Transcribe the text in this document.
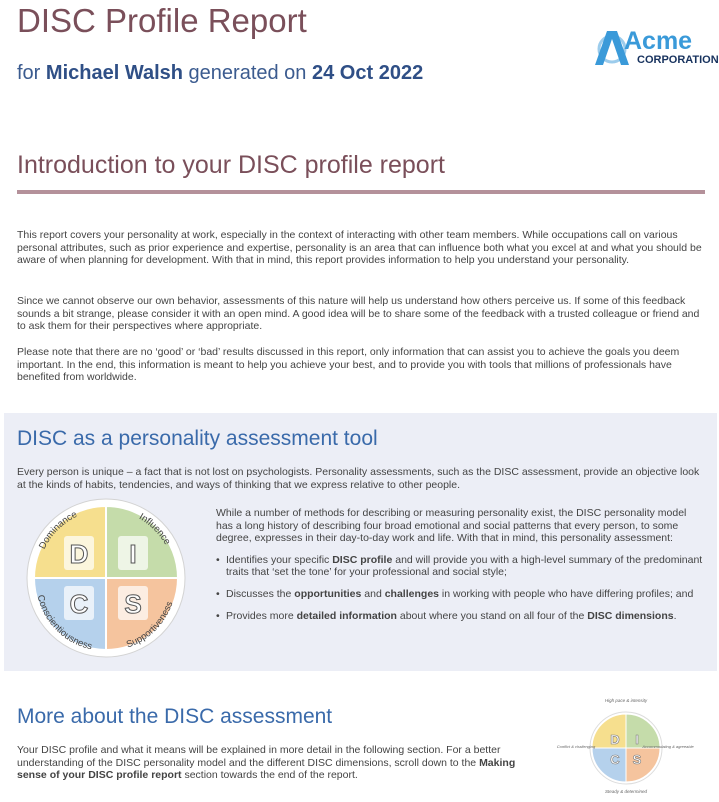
DISC Profile Report

for Michael Walsh generated on 24 Oct 2022

Acme
CORPORATION
Introduction to your DISC profile report

This report covers your personality at work, especially in the context of interacting with other team members. While occupations call on various personal attributes, such as prior experience and expertise, personality is an area that can influence both what you excel at and what you should be aware of when planning for development. With that in mind, this report provides information to help you understand your personality.

Since we cannot observe our own behavior, assessments of this nature will help us understand how others perceive us. If some of this feedback sounds a bit strange, please consider it with an open mind. A good idea will be to share some of the feedback with a trusted colleague or friend and to ask them for their perspectives where appropriate.

Please note that there are no ‘good’ or ‘bad’ results discussed in this report, only information that can assist you to achieve the goals you deem important. In the end, this information is meant to help you achieve your best, and to provide you with tools that millions of professionals have benefited from worldwide.

DISC as a personality assessment tool

Every person is unique – a fact that is not lost on psychologists. Personality assessments, such as the DISC assessment, provide an objective look at the kinds of habits, tendencies, and ways of thinking that we express relative to other people.

D I
C S
Dominance	Influence
Conscientiousness	Supportiveness

While a number of methods for describing or measuring personality exist, the DISC personality model has a long history of describing four broad emotional and social patterns that every person, to some degree, expresses in their day-to-day work and life. With that in mind, this personality assessment:

• Identifies your specific DISC profile and will provide you with a high-level summary of the predominant traits that ‘set the tone’ for your professional and social style;
• Discusses the opportunities and challenges in working with people who have differing profiles; and
• Provides more detailed information about where you stand on all four of the DISC dimensions.
More about the DISC assessment

Your DISC profile and what it means will be explained in more detail in the following section. For a better understanding of the DISC personality model and the different DISC dimensions, scroll down to the Making sense of your DISC profile report section towards the end of the report.

D I
C S
High pace & intensity
Accommodating & agreeable
Steady & determined
Conflict & challenging
